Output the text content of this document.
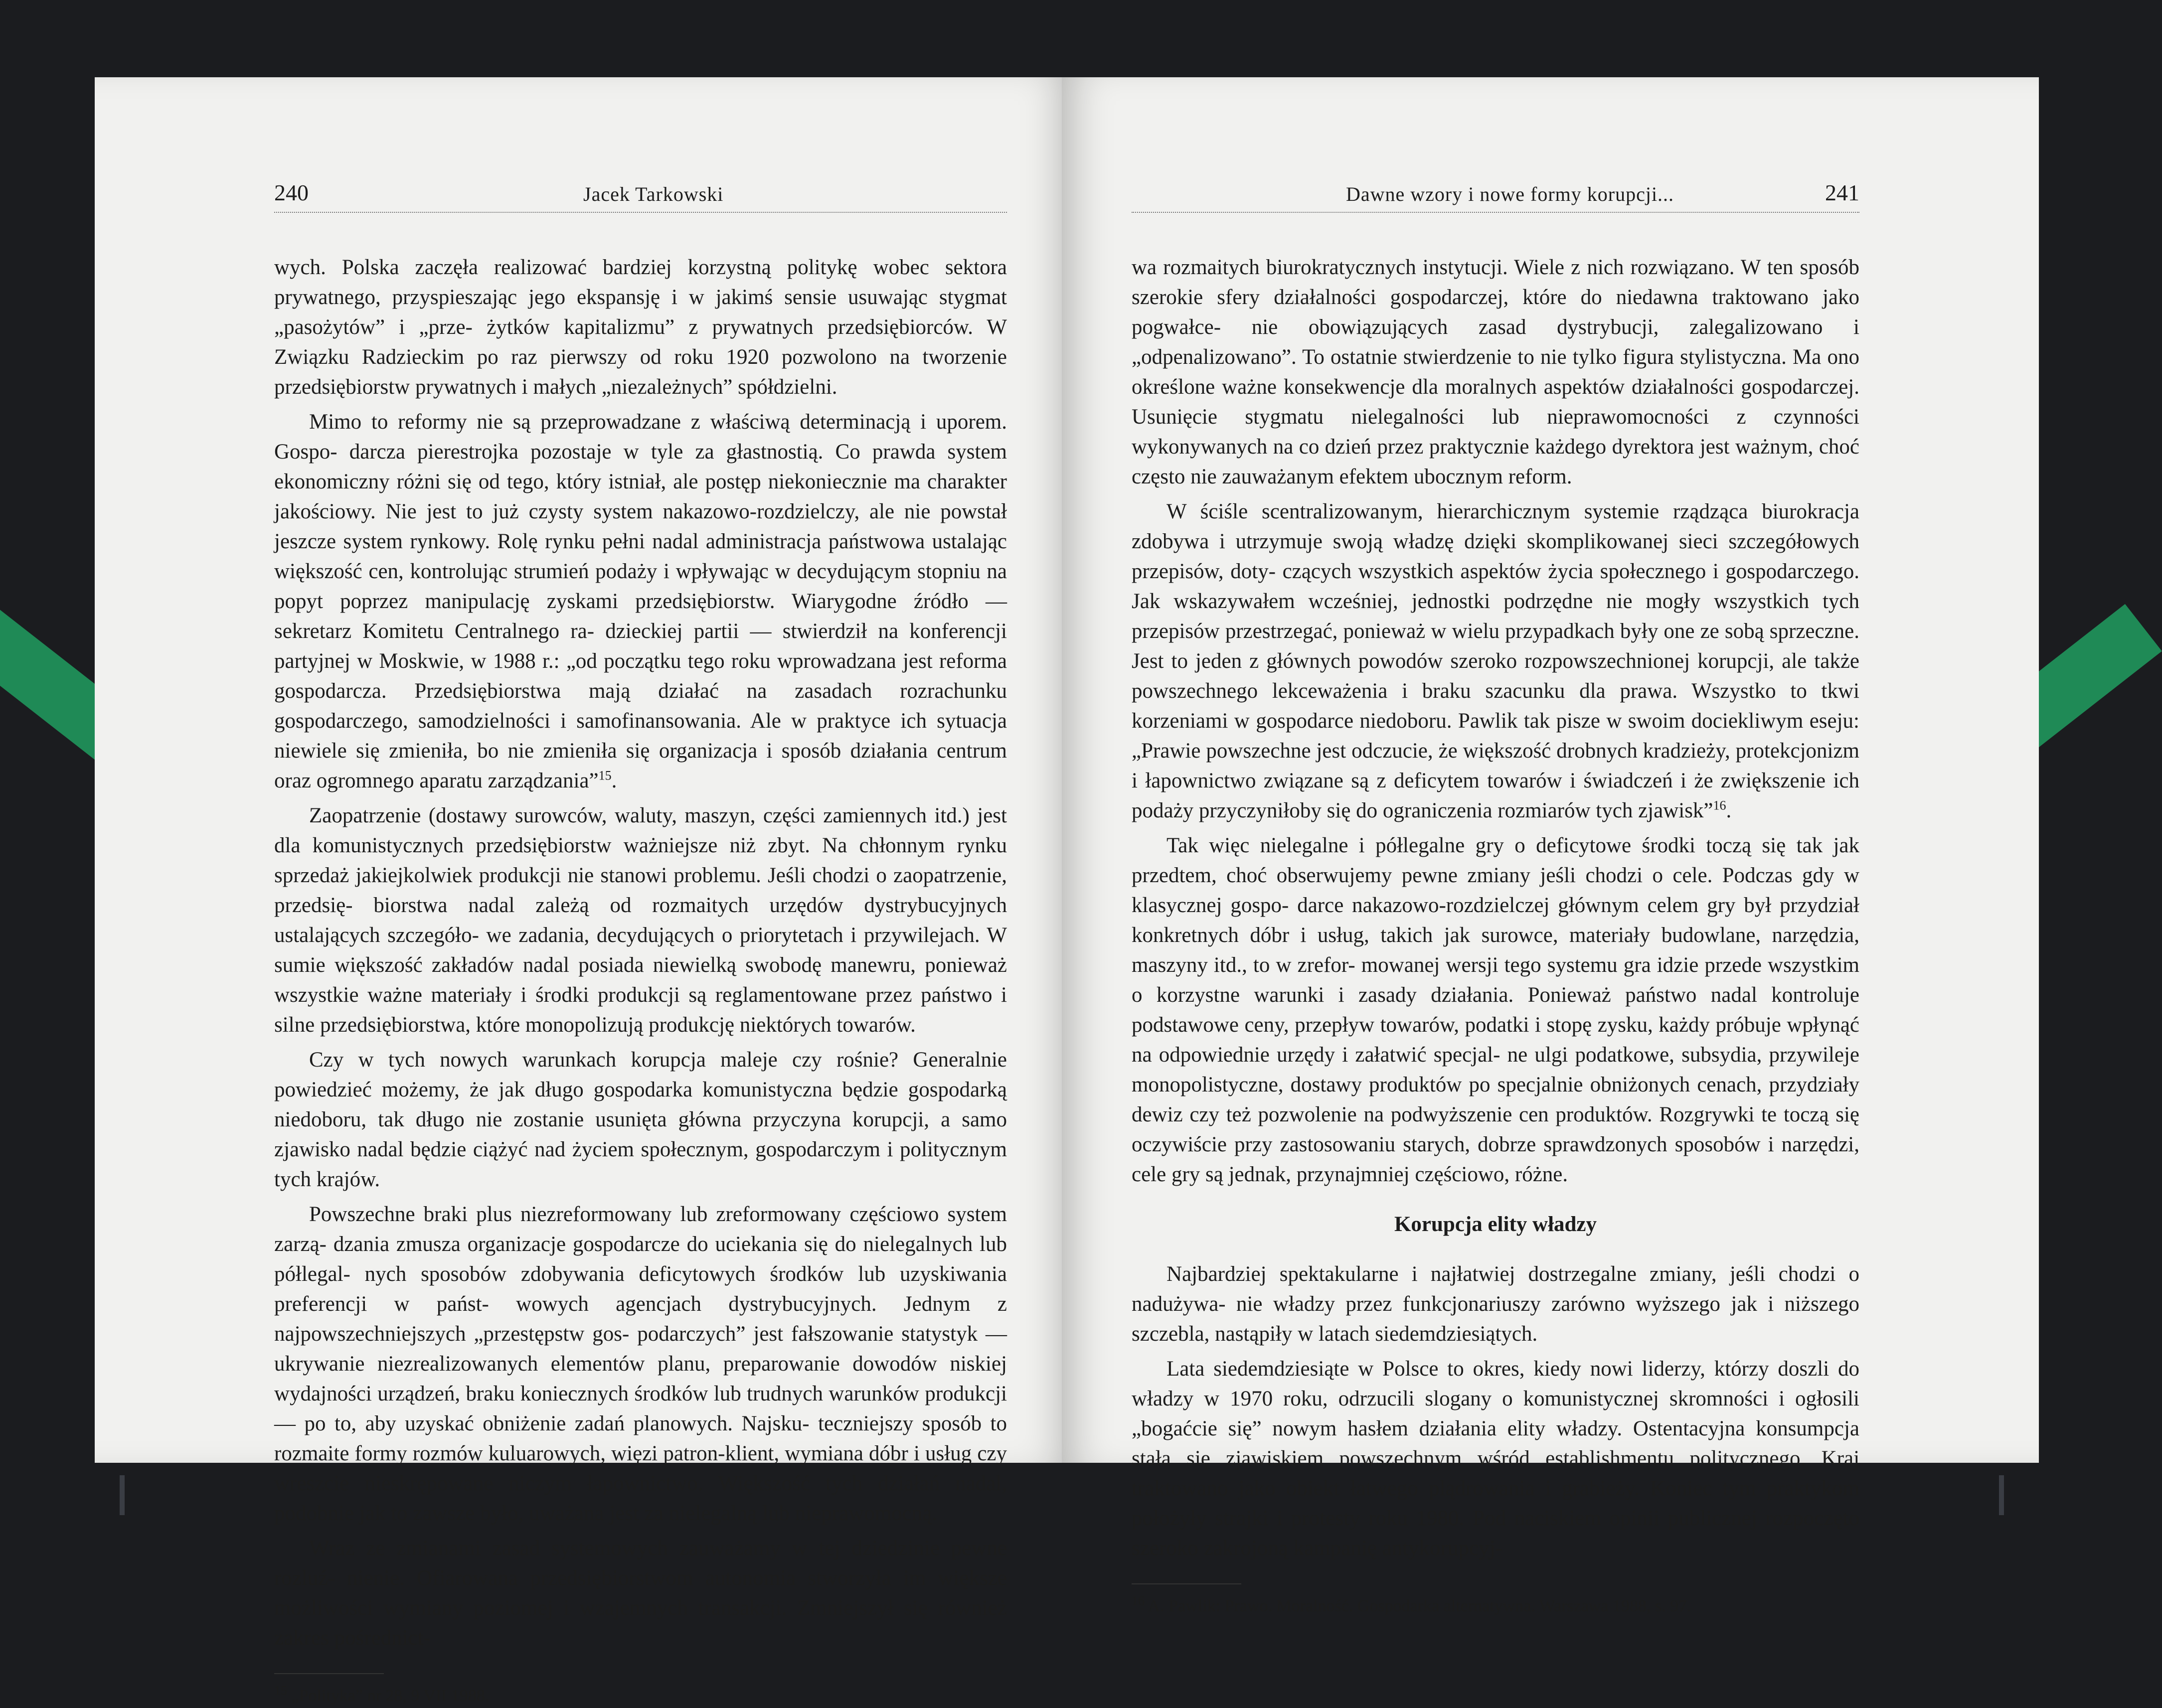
240	Jacek Tarkowski

wych. Polska zaczęła realizować bardziej korzystną politykę wobec sektora prywatnego, przyspieszając jego ekspansję i w jakimś sensie usuwając stygmat „pasożytów” i „prze- żytków kapitalizmu” z prywatnych przedsiębiorców. W Związku Radzieckim po raz pierwszy od roku 1920 pozwolono na tworzenie przedsiębiorstw prywatnych i małych „niezależnych” spółdzielni.

Mimo to reformy nie są przeprowadzane z właściwą determinacją i uporem. Gospo- darcza pierestrojka pozostaje w tyle za głastnostią. Co prawda system ekonomiczny różni się od tego, który istniał, ale postęp niekoniecznie ma charakter jakościowy. Nie jest to już czysty system nakazowo-rozdzielczy, ale nie powstał jeszcze system rynkowy. Rolę rynku pełni nadal administracja państwowa ustalając większość cen, kontrolując strumień podaży i wpływając w decydującym stopniu na popyt poprzez manipulację zyskami przedsiębiorstw. Wiarygodne źródło — sekretarz Komitetu Centralnego ra- dzieckiej partii — stwierdził na konferencji partyjnej w Moskwie, w 1988 r.: „od początku tego roku wprowadzana jest reforma gospodarcza. Przedsiębiorstwa mają działać na zasadach rozrachunku gospodarczego, samodzielności i samofinansowania. Ale w praktyce ich sytuacja niewiele się zmieniła, bo nie zmieniła się organizacja i sposób działania centrum oraz ogromnego aparatu zarządzania”$^{15}$.

Zaopatrzenie (dostawy surowców, waluty, maszyn, części zamiennych itd.) jest dla komunistycznych przedsiębiorstw ważniejsze niż zbyt. Na chłonnym rynku sprzedaż jakiejkolwiek produkcji nie stanowi problemu. Jeśli chodzi o zaopatrzenie, przedsię- biorstwa nadal zależą od rozmaitych urzędów dystrybucyjnych ustalających szczegóło- we zadania, decydujących o priorytetach i przywilejach. W sumie większość zakładów nadal posiada niewielką swobodę manewru, ponieważ wszystkie ważne materiały i środki produkcji są reglamentowane przez państwo i silne przedsiębiorstwa, które monopolizują produkcję niektórych towarów.

Czy w tych nowych warunkach korupcja maleje czy rośnie? Generalnie powiedzieć możemy, że jak długo gospodarka komunistyczna będzie gospodarką niedoboru, tak długo nie zostanie usunięta główna przyczyna korupcji, a samo zjawisko nadal będzie ciążyć nad życiem społecznym, gospodarczym i politycznym tych krajów.

Powszechne braki plus niezreformowany lub zreformowany częściowo system zarzą- dzania zmusza organizacje gospodarcze do uciekania się do nielegalnych lub półlegal- nych sposobów zdobywania deficytowych środków lub uzyskiwania preferencji w państ- wowych agencjach dystrybucyjnych. Jednym z najpowszechniejszych „przestępstw gos- podarczych” jest fałszowanie statystyk — ukrywanie niezrealizowanych elementów planu, preparowanie dowodów niskiej wydajności urządzeń, braku koniecznych środków lub trudnych warunków produkcji — po to, aby uzyskać obniżenie zadań planowych. Najsku- teczniejszy sposób to rozmaite formy rozmów kuluarowych, więzi patron-klient, wymiana dóbr i usług czy wreszcie nieskrępowane niczym łapownictwo. Większość tych działań nadal, podobnie jak to zawsze było, uważana jest za nielegalną lub nieprawomocną.

Wraz ze zmianami zasad systemowych zauważamy w tej dziedzinie pewne rozluź- nienie. Ofiarowana przedsiębiorstwom autonomia stworzyła im większe możliwości wymiany poziomej i wzajemnych transakcji. Zmniejszył się również zakres pośrednict-

$^{15}$ „Polityka” nr 28, 9 VII 1988.
Dawne wzory i nowe formy korupcji...	241

wa rozmaitych biurokratycznych instytucji. Wiele z nich rozwiązano. W ten sposób szerokie sfery działalności gospodarczej, które do niedawna traktowano jako pogwałce- nie obowiązujących zasad dystrybucji, zalegalizowano i „odpenalizowano”. To ostatnie stwierdzenie to nie tylko figura stylistyczna. Ma ono określone ważne konsekwencje dla moralnych aspektów działalności gospodarczej. Usunięcie stygmatu nielegalności lub nieprawomocności z czynności wykonywanych na co dzień przez praktycznie każdego dyrektora jest ważnym, choć często nie zauważanym efektem ubocznym reform.

W ściśle scentralizowanym, hierarchicznym systemie rządząca biurokracja zdobywa i utrzymuje swoją władzę dzięki skomplikowanej sieci szczegółowych przepisów, doty- czących wszystkich aspektów życia społecznego i gospodarczego. Jak wskazywałem wcześniej, jednostki podrzędne nie mogły wszystkich tych przepisów przestrzegać, ponieważ w wielu przypadkach były one ze sobą sprzeczne. Jest to jeden z głównych powodów szeroko rozpowszechnionej korupcji, ale także powszechnego lekceważenia i braku szacunku dla prawa. Wszystko to tkwi korzeniami w gospodarce niedoboru. Pawlik tak pisze w swoim dociekliwym eseju: „Prawie powszechne jest odczucie, że większość drobnych kradzieży, protekcjonizm i łapownictwo związane są z deficytem towarów i świadczeń i że zwiększenie ich podaży przyczyniłoby się do ograniczenia rozmiarów tych zjawisk”$^{16}$.

Tak więc nielegalne i półlegalne gry o deficytowe środki toczą się tak jak przedtem, choć obserwujemy pewne zmiany jeśli chodzi o cele. Podczas gdy w klasycznej gospo- darce nakazowo-rozdzielczej głównym celem gry był przydział konkretnych dóbr i usług, takich jak surowce, materiały budowlane, narzędzia, maszyny itd., to w zrefor- mowanej wersji tego systemu gra idzie przede wszystkim o korzystne warunki i zasady działania. Ponieważ państwo nadal kontroluje podstawowe ceny, przepływ towarów, podatki i stopę zysku, każdy próbuje wpłynąć na odpowiednie urzędy i załatwić specjal- ne ulgi podatkowe, subsydia, przywileje monopolistyczne, dostawy produktów po specjalnie obniżonych cenach, przydziały dewiz czy też pozwolenie na podwyższenie cen produktów. Rozgrywki te toczą się oczywiście przy zastosowaniu starych, dobrze sprawdzonych sposobów i narzędzi, cele gry są jednak, przynajmniej częściowo, różne.

Korupcja elity władzy

Najbardziej spektakularne i najłatwiej dostrzegalne zmiany, jeśli chodzi o nadużywa- nie władzy przez funkcjonariuszy zarówno wyższego jak i niższego szczebla, nastąpiły w latach siedemdziesiątych.

Lata siedemdziesiąte w Polsce to okres, kiedy nowi liderzy, którzy doszli do władzy w 1970 roku, odrzucili slogany o komunistycznej skromności i ogłosili „bogaćcie się” nowym hasłem działania elity władzy. Ostentacyjna konsumpcja stała się zjawiskiem powszechnym wśród establishmentu politycznego. Kraj traktowano jako obiekt łatwego plądrowania i grabieży. Koniec tym praktykom położyły strajki i protesty roku 1980. Pod naciskiem opinii publicznej rozpoczęto szeroko zakrojoną kampanię antykorupcyj-

$^{16}$ A. Pawlik: Prawo. Moralność. Gospodarka alternatywna. Warszawa 1988, s. 97.
